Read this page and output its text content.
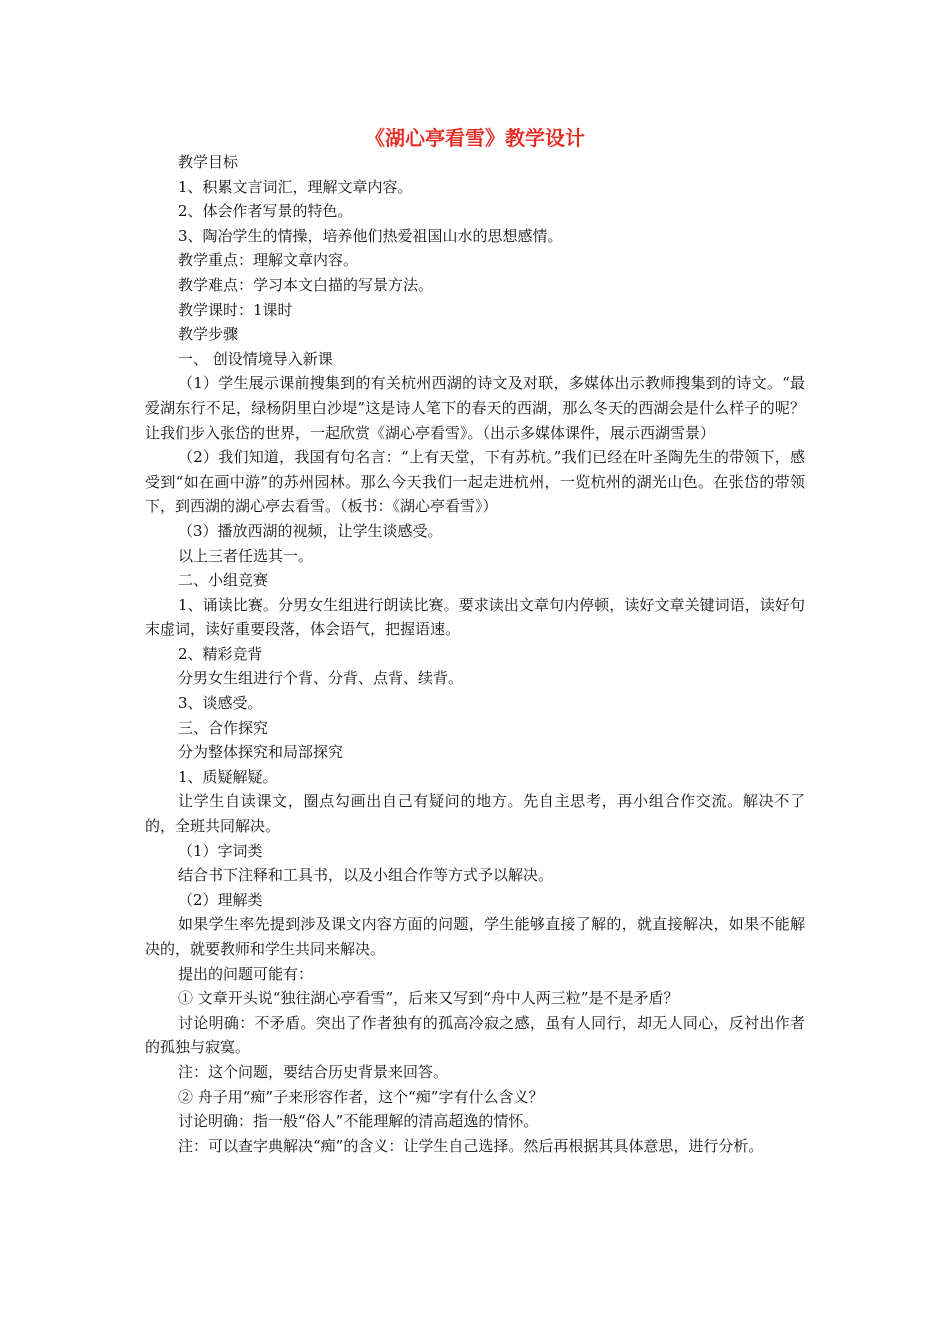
《湖心亭看雪》教学设计

教学目标

1、积累文言词汇，理解文章内容。

2、体会作者写景的特色。

3、陶冶学生的情操，培养他们热爱祖国山水的思想感情。

教学重点：理解文章内容。

教学难点：学习本文白描的写景方法。

教学课时：1课时

教学步骤

一、 创设情境导入新课

（1）学生展示课前搜集到的有关杭州西湖的诗文及对联，多媒体出示教师搜集到的诗文。“最爱湖东行不足，绿杨阴里白沙堤”这是诗人笔下的春天的西湖，那么冬天的西湖会是什么样子的呢？让我们步入张岱的世界，一起欣赏《湖心亭看雪》。（出示多媒体课件，展示西湖雪景）

（2）我们知道，我国有句名言：“上有天堂，下有苏杭。”我们已经在叶圣陶先生的带领下，感受到“如在画中游”的苏州园林。那么今天我们一起走进杭州，一览杭州的湖光山色。在张岱的带领下，到西湖的湖心亭去看雪。（板书：《湖心亭看雪》）

（3）播放西湖的视频，让学生谈感受。

以上三者任选其一。

二、小组竞赛

1、诵读比赛。分男女生组进行朗读比赛。要求读出文章句内停顿，读好文章关键词语，读好句末虚词，读好重要段落，体会语气，把握语速。

2、精彩竞背

分男女生组进行个背、分背、点背、续背。

3、谈感受。

三、合作探究

分为整体探究和局部探究

1、质疑解疑。

让学生自读课文，圈点勾画出自己有疑问的地方。先自主思考，再小组合作交流。解决不了的，全班共同解决。

（1）字词类

结合书下注释和工具书，以及小组合作等方式予以解决。

（2）理解类

如果学生率先提到涉及课文内容方面的问题，学生能够直接了解的，就直接解决，如果不能解决的，就要教师和学生共同来解决。

提出的问题可能有：

① 文章开头说“独往湖心亭看雪”，后来又写到“舟中人两三粒”是不是矛盾？

讨论明确：不矛盾。突出了作者独有的孤高冷寂之感，虽有人同行，却无人同心，反衬出作者的孤独与寂寞。

注：这个问题，要结合历史背景来回答。

② 舟子用“痴”子来形容作者，这个“痴”字有什么含义？

讨论明确：指一般“俗人”不能理解的清高超逸的情怀。

注：可以查字典解决“痴”的含义：让学生自己选择。然后再根据其具体意思，进行分析。
